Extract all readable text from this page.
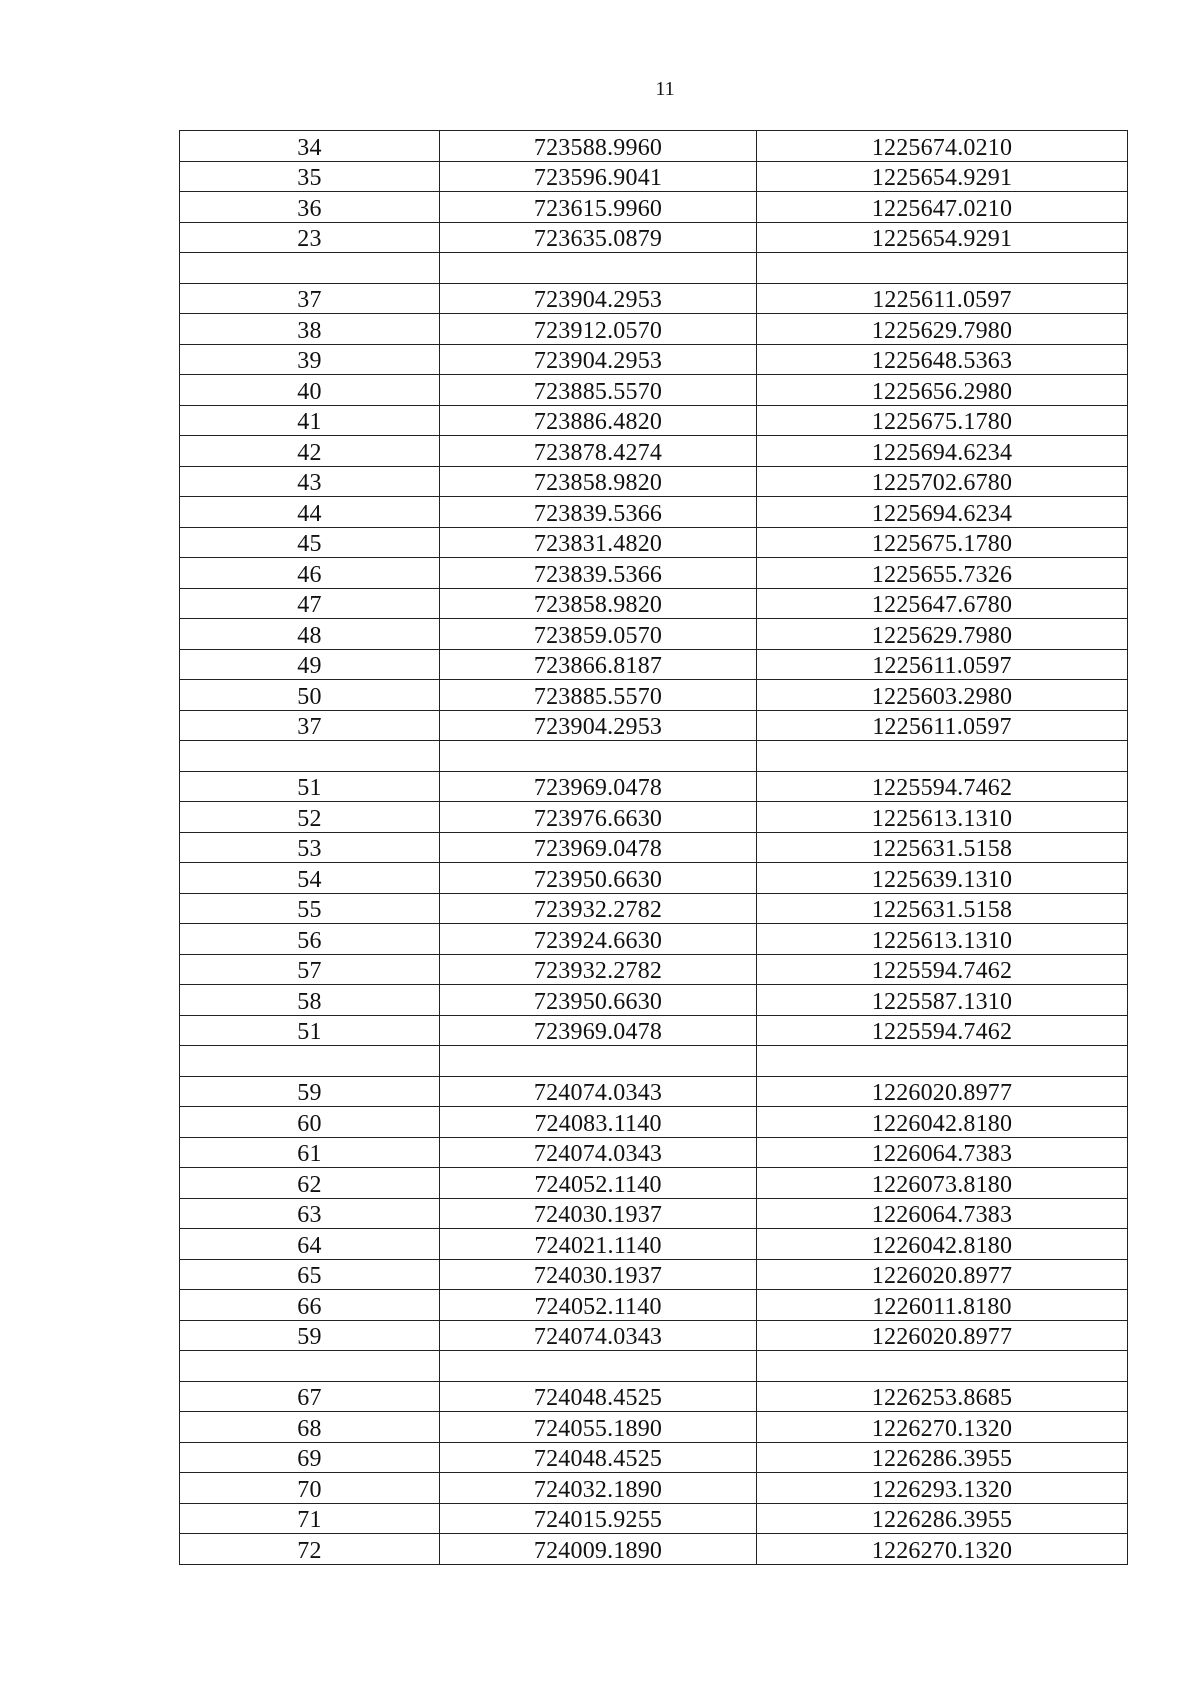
11
34	723588.9960	1225674.0210
35	723596.9041	1225654.9291
36	723615.9960	1225647.0210
23	723635.0879	1225654.9291

37	723904.2953	1225611.0597
38	723912.0570	1225629.7980
39	723904.2953	1225648.5363
40	723885.5570	1225656.2980
41	723886.4820	1225675.1780
42	723878.4274	1225694.6234
43	723858.9820	1225702.6780
44	723839.5366	1225694.6234
45	723831.4820	1225675.1780
46	723839.5366	1225655.7326
47	723858.9820	1225647.6780
48	723859.0570	1225629.7980
49	723866.8187	1225611.0597
50	723885.5570	1225603.2980
37	723904.2953	1225611.0597

51	723969.0478	1225594.7462
52	723976.6630	1225613.1310
53	723969.0478	1225631.5158
54	723950.6630	1225639.1310
55	723932.2782	1225631.5158
56	723924.6630	1225613.1310
57	723932.2782	1225594.7462
58	723950.6630	1225587.1310
51	723969.0478	1225594.7462

59	724074.0343	1226020.8977
60	724083.1140	1226042.8180
61	724074.0343	1226064.7383
62	724052.1140	1226073.8180
63	724030.1937	1226064.7383
64	724021.1140	1226042.8180
65	724030.1937	1226020.8977
66	724052.1140	1226011.8180
59	724074.0343	1226020.8977

67	724048.4525	1226253.8685
68	724055.1890	1226270.1320
69	724048.4525	1226286.3955
70	724032.1890	1226293.1320
71	724015.9255	1226286.3955
72	724009.1890	1226270.1320
